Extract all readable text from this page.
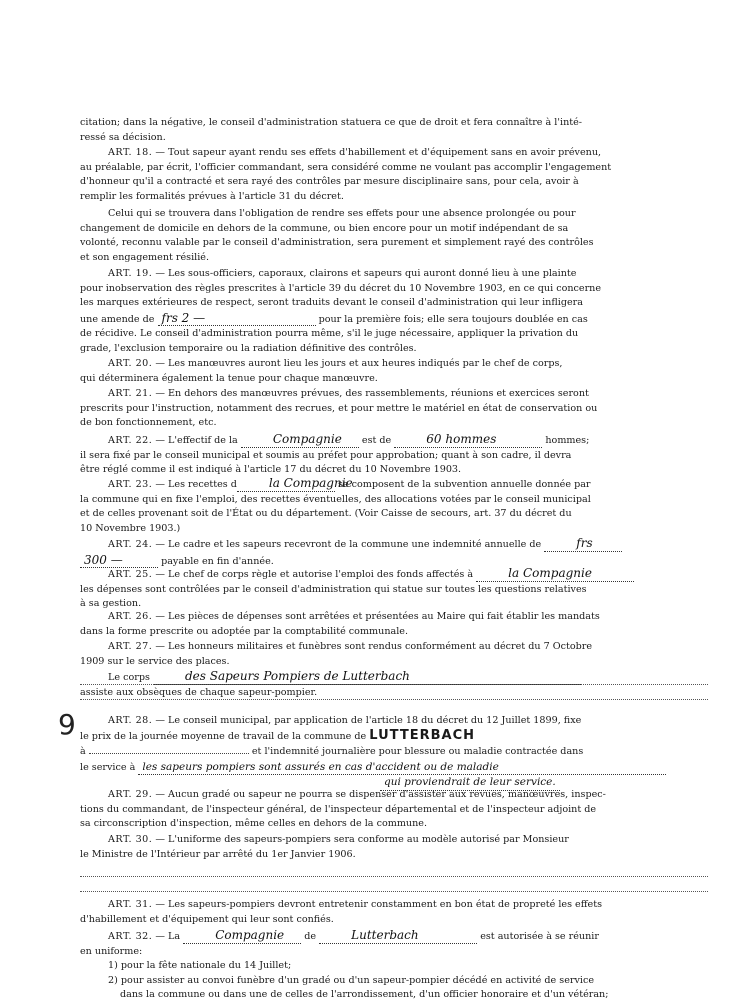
citation; dans la négative, le conseil d'administration statuera ce que de droit et fera connaître à l'inté-
ressé sa décision.

ART. 18. — Tout sapeur ayant rendu ses effets d'habillement et d'équipement sans en avoir prévenu,
au préalable, par écrit, l'officier commandant, sera considéré comme ne voulant pas accomplir l'engagement
d'honneur qu'il a contracté et sera rayé des contrôles par mesure disciplinaire sans, pour cela, avoir à
remplir les formalités prévues à l'article 31 du décret.

Celui qui se trouvera dans l'obligation de rendre ses effets pour une absence prolongée ou pour
changement de domicile en dehors de la commune, ou bien encore pour un motif indépendant de sa
volonté, reconnu valable par le conseil d'administration, sera purement et simplement rayé des contrôles
et son engagement résilié.

ART. 19. — Les sous-officiers, caporaux, clairons et sapeurs qui auront donné lieu à une plainte
pour inobservation des règles prescrites à l'article 39 du décret du 10 Novembre 1903, en ce qui concerne
les marques extérieures de respect, seront traduits devant le conseil d'administration qui leur infligera
une amende de frs 2 —	pour la première fois; elle sera toujours doublée en cas
de récidive. Le conseil d'administration pourra même, s'il le juge nécessaire, appliquer la privation du
grade, l'exclusion temporaire ou la radiation définitive des contrôles.

ART. 20. — Les manœuvres auront lieu les jours et aux heures indiqués par le chef de corps,
qui déterminera également la tenue pour chaque manœuvre.

ART. 21. — En dehors des manœuvres prévues, des rassemblements, réunions et exercices seront
prescrits pour l'instruction, notamment des recrues, et pour mettre le matériel en état de conservation ou
de bon fonctionnement, etc.

ART. 22. — L'effectif de la	Compagnie est de	60 hommes	hommes;
il sera fixé par le conseil municipal et soumis au préfet pour approbation; quant à son cadre, il devra
être réglé comme il est indiqué à l'article 17 du décret du 10 Novembre 1903.

ART. 23. — Les recettes d	la Compagnie se composent de la subvention annuelle donnée par
la commune qui en fixe l'emploi, des recettes éventuelles, des allocations votées par le conseil municipal
et de celles provenant soit de l'État ou du département. (Voir Caisse de secours, art. 37 du décret du
10 Novembre 1903.)

ART. 24. — Le cadre et les sapeurs recevront de la commune une indemnité annuelle de	frs
300 —	payable en fin d'année.

ART. 25. — Le chef de corps règle et autorise l'emploi des fonds affectés à	la Compagnie
les dépenses sont contrôlées par le conseil d'administration qui statue sur toutes les questions relatives
à sa gestion.

ART. 26. — Les pièces de dépenses sont arrêtées et présentées au Maire qui fait établir les mandats
dans la forme prescrite ou adoptée par la comptabilité communale.

ART. 27. — Les honneurs militaires et funèbres sont rendus conformément au décret du 7 Octobre
1909 sur le service des places.
Le corps	des Sapeurs Pompiers de Lutterbach
assiste aux obsèques de chaque sapeur-pompier.

9	ART. 28. — Le conseil municipal, par application de l'article 18 du décret du 12 Juillet 1899, fixe
le prix de la journée moyenne de travail de la commune de LUTTERBACH
à	et l'indemnité journalière pour blessure ou maladie contractée dans
le service à les sapeurs pompiers sont assurés en cas d'accident ou de maladie
qui proviendrait de leur service.

ART. 29. — Aucun gradé ou sapeur ne pourra se dispenser d'assister aux revues, manœuvres, inspec-
tions du commandant, de l'inspecteur général, de l'inspecteur départemental et de l'inspecteur adjoint de
sa circonscription d'inspection, même celles en dehors de la commune.

ART. 30. — L'uniforme des sapeurs-pompiers sera conforme au modèle autorisé par Monsieur
le Ministre de l'Intérieur par arrêté du 1er Janvier 1906.

ART. 31. — Les sapeurs-pompiers devront entretenir constamment en bon état de propreté les effets
d'habillement et d'équipement qui leur sont confiés.

ART. 32. — La	Compagnie de	Lutterbach	est autorisée à se réunir
en uniforme:
1) pour la fête nationale du 14 Juillet;
2) pour assister au convoi funèbre d'un gradé ou d'un sapeur-pompier décédé en activité de service
dans la commune ou dans une de celles de l'arrondissement, d'un officier honoraire et d'un vétéran;
